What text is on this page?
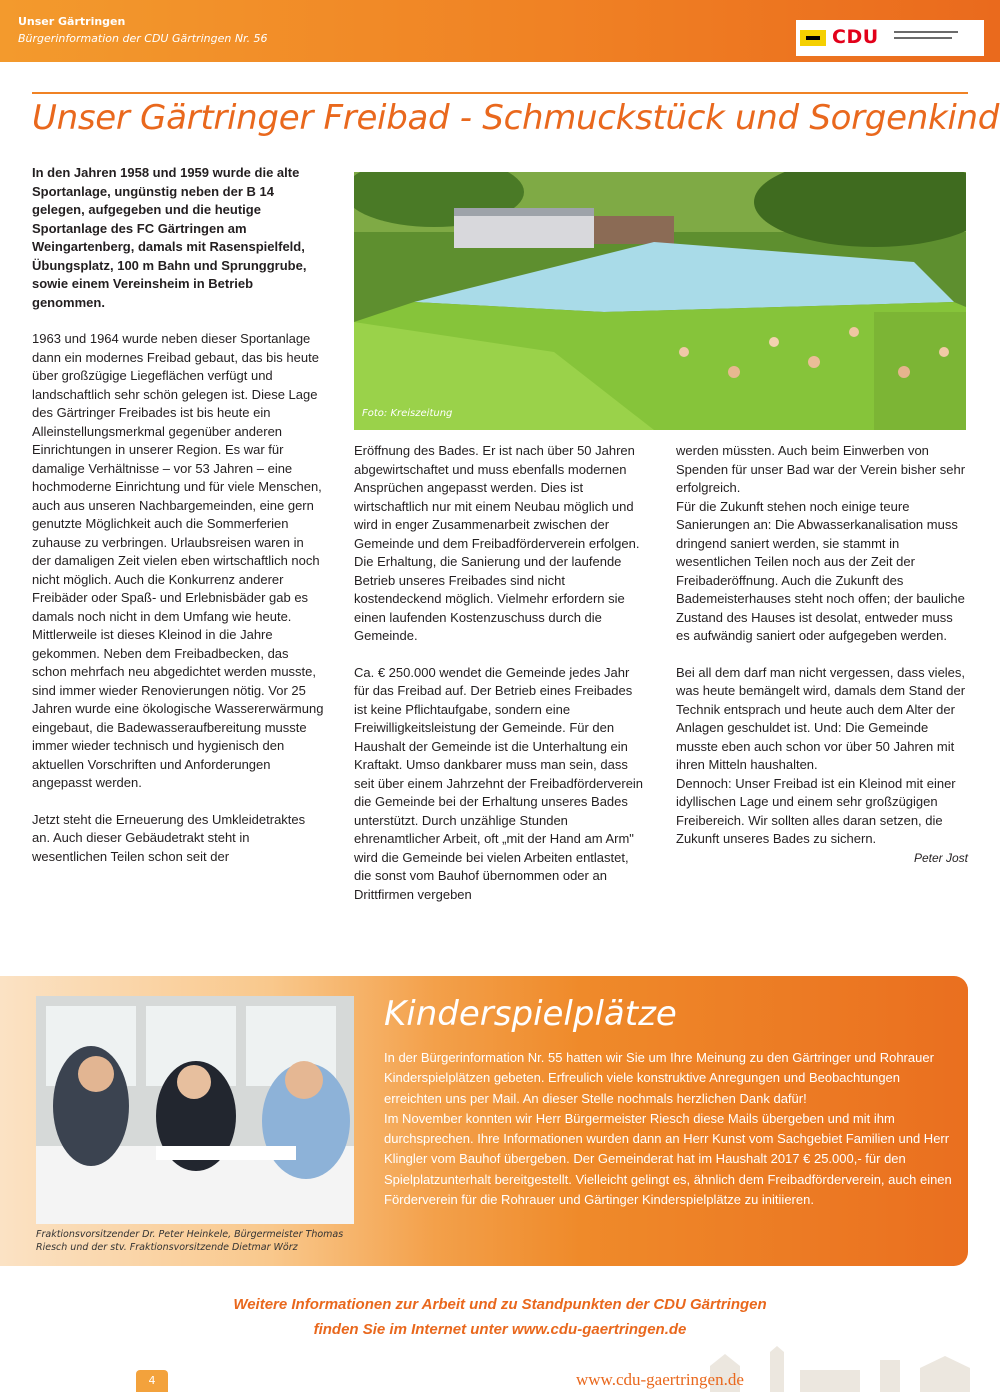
Unser Gärtringen
Bürgerinformation der CDU Gärtringen Nr. 56	CDU
Unser Gärtringer Freibad - Schmuckstück und Sorgenkind

In den Jahren 1958 und 1959 wurde die alte Sportanlage, ungünstig neben der B 14 gelegen, aufgegeben und die heutige Sportanlage des FC Gärtringen am Weingartenberg, damals mit Rasenspielfeld, Übungsplatz, 100 m Bahn und Sprunggrube, sowie einem Vereinsheim in Betrieb genommen.

1963 und 1964 wurde neben dieser Sportanlage dann ein modernes Freibad gebaut, das bis heute über großzügige Liegeflächen verfügt und landschaftlich sehr schön gelegen ist. Diese Lage des Gärtringer Freibades ist bis heute ein Alleinstellungsmerkmal gegenüber anderen Einrichtungen in unserer Region. Es war für damalige Verhältnisse – vor 53 Jahren – eine hochmoderne Einrichtung und für viele Menschen, auch aus unseren Nachbargemeinden, eine gern genutzte Möglichkeit auch die Sommerferien zuhause zu verbringen. Urlaubsreisen waren in der damaligen Zeit vielen eben wirtschaftlich noch nicht möglich. Auch die Konkurrenz anderer Freibäder oder Spaß- und Erlebnisbäder gab es damals noch nicht in dem Umfang wie heute.

Mittlerweile ist dieses Kleinod in die Jahre gekommen. Neben dem Freibadbecken, das schon mehrfach neu abgedichtet werden musste, sind immer wieder Renovierungen nötig. Vor 25 Jahren wurde eine ökologische Wassererwärmung eingebaut, die Badewasseraufbereitung musste immer wieder technisch und hygienisch den aktuellen Vorschriften und Anforderungen angepasst werden.

Jetzt steht die Erneuerung des Umkleidetraktes an. Auch dieser Gebäudetrakt steht in wesentlichen Teilen schon seit der

Foto: Kreiszeitung

Eröffnung des Bades. Er ist nach über 50 Jahren abgewirtschaftet und muss ebenfalls modernen Ansprüchen angepasst werden. Dies ist wirtschaftlich nur mit einem Neubau möglich und wird in enger Zusammenarbeit zwischen der Gemeinde und dem Freibadförderverein erfolgen. Die Erhaltung, die Sanierung und der laufende Betrieb unseres Freibades sind nicht kostendeckend möglich. Vielmehr erfordern sie einen laufenden Kostenzuschuss durch die Gemeinde.

Ca. € 250.000 wendet die Gemeinde jedes Jahr für das Freibad auf. Der Betrieb eines Freibades ist keine Pflichtaufgabe, sondern eine Freiwilligkeitsleistung der Gemeinde. Für den Haushalt der Gemeinde ist die Unterhaltung ein Kraftakt. Umso dankbarer muss man sein, dass seit über einem Jahrzehnt der Freibadförderverein die Gemeinde bei der Erhaltung unseres Bades unterstützt. Durch unzählige Stunden ehrenamtlicher Arbeit, oft „mit der Hand am Arm" wird die Gemeinde bei vielen Arbeiten entlastet, die sonst vom Bauhof übernommen oder an Drittfirmen vergeben

werden müssten. Auch beim Einwerben von Spenden für unser Bad war der Verein bisher sehr erfolgreich.

Für die Zukunft stehen noch einige teure Sanierungen an: Die Abwasserkanalisation muss dringend saniert werden, sie stammt in wesentlichen Teilen noch aus der Zeit der Freibaderöffnung. Auch die Zukunft des Bademeisterhauses steht noch offen; der bauliche Zustand des Hauses ist desolat, entweder muss es aufwändig saniert oder aufgegeben werden.

Bei all dem darf man nicht vergessen, dass vieles, was heute bemängelt wird, damals dem Stand der Technik entsprach und heute auch dem Alter der Anlagen geschuldet ist. Und: Die Gemeinde musste eben auch schon vor über 50 Jahren mit ihren Mitteln haushalten.

Dennoch: Unser Freibad ist ein Kleinod mit einer idyllischen Lage und einem sehr großzügigen Freibereich. Wir sollten alles daran setzen, die Zukunft unseres Bades zu sichern.

Peter Jost

Fraktionsvorsitzender Dr. Peter Heinkele, Bürgermeister Thomas Riesch und der stv. Fraktionsvorsitzende Dietmar Wörz
Kinderspielplätze

In der Bürgerinformation Nr. 55 hatten wir Sie um Ihre Meinung zu den Gärtringer und Rohrauer Kinderspielplätzen gebeten. Erfreulich viele konstruktive Anregungen und Beobachtungen erreichten uns per Mail. An dieser Stelle nochmals herzlichen Dank dafür!

Im November konnten wir Herr Bürgermeister Riesch diese Mails übergeben und mit ihm durchsprechen. Ihre Informationen wurden dann an Herr Kunst vom Sachgebiet Familien und Herr Klingler vom Bauhof übergeben. Der Gemeinderat hat im Haushalt 2017 € 25.000,- für den Spielplatzunterhalt bereitgestellt. Vielleicht gelingt es, ähnlich dem Freibadförderverein, auch einen Förderverein für die Rohrauer und Gärtinger Kinderspielplätze zu initiieren.

Weitere Informationen zur Arbeit und zu Standpunkten der CDU Gärtringen
finden Sie im Internet unter www.cdu-gaertringen.de
4	www.cdu-gaertringen.de
